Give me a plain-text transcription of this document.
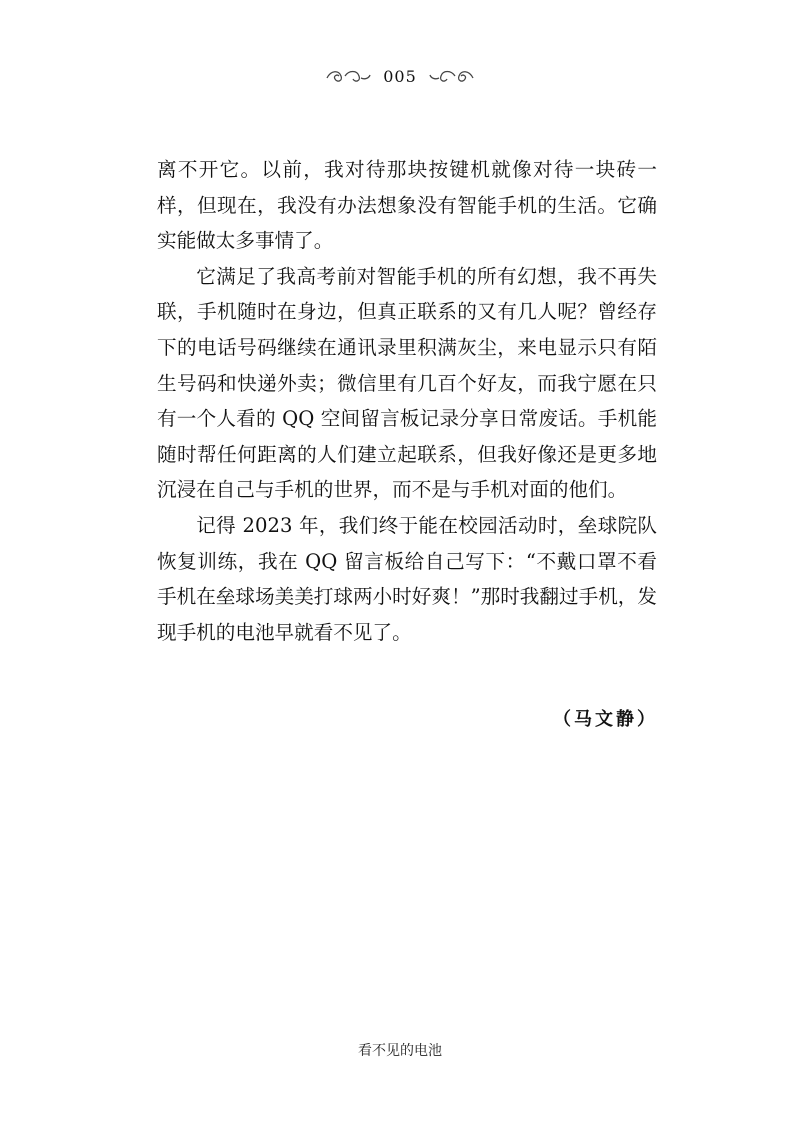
005

离不开它。以前，我对待那块按键机就像对待一块砖一样，但现在，我没有办法想象没有智能手机的生活。它确实能做太多事情了。

它满足了我高考前对智能手机的所有幻想，我不再失联，手机随时在身边，但真正联系的又有几人呢？曾经存下的电话号码继续在通讯录里积满灰尘，来电显示只有陌生号码和快递外卖；微信里有几百个好友，而我宁愿在只有一个人看的 QQ 空间留言板记录分享日常废话。手机能随时帮任何距离的人们建立起联系，但我好像还是更多地沉浸在自己与手机的世界，而不是与手机对面的他们。

记得 2023 年，我们终于能在校园活动时，垒球院队恢复训练，我在 QQ 留言板给自己写下：“不戴口罩不看手机在垒球场美美打球两小时好爽！”那时我翻过手机，发现手机的电池早就看不见了。

（马文静）
看不见的电池
